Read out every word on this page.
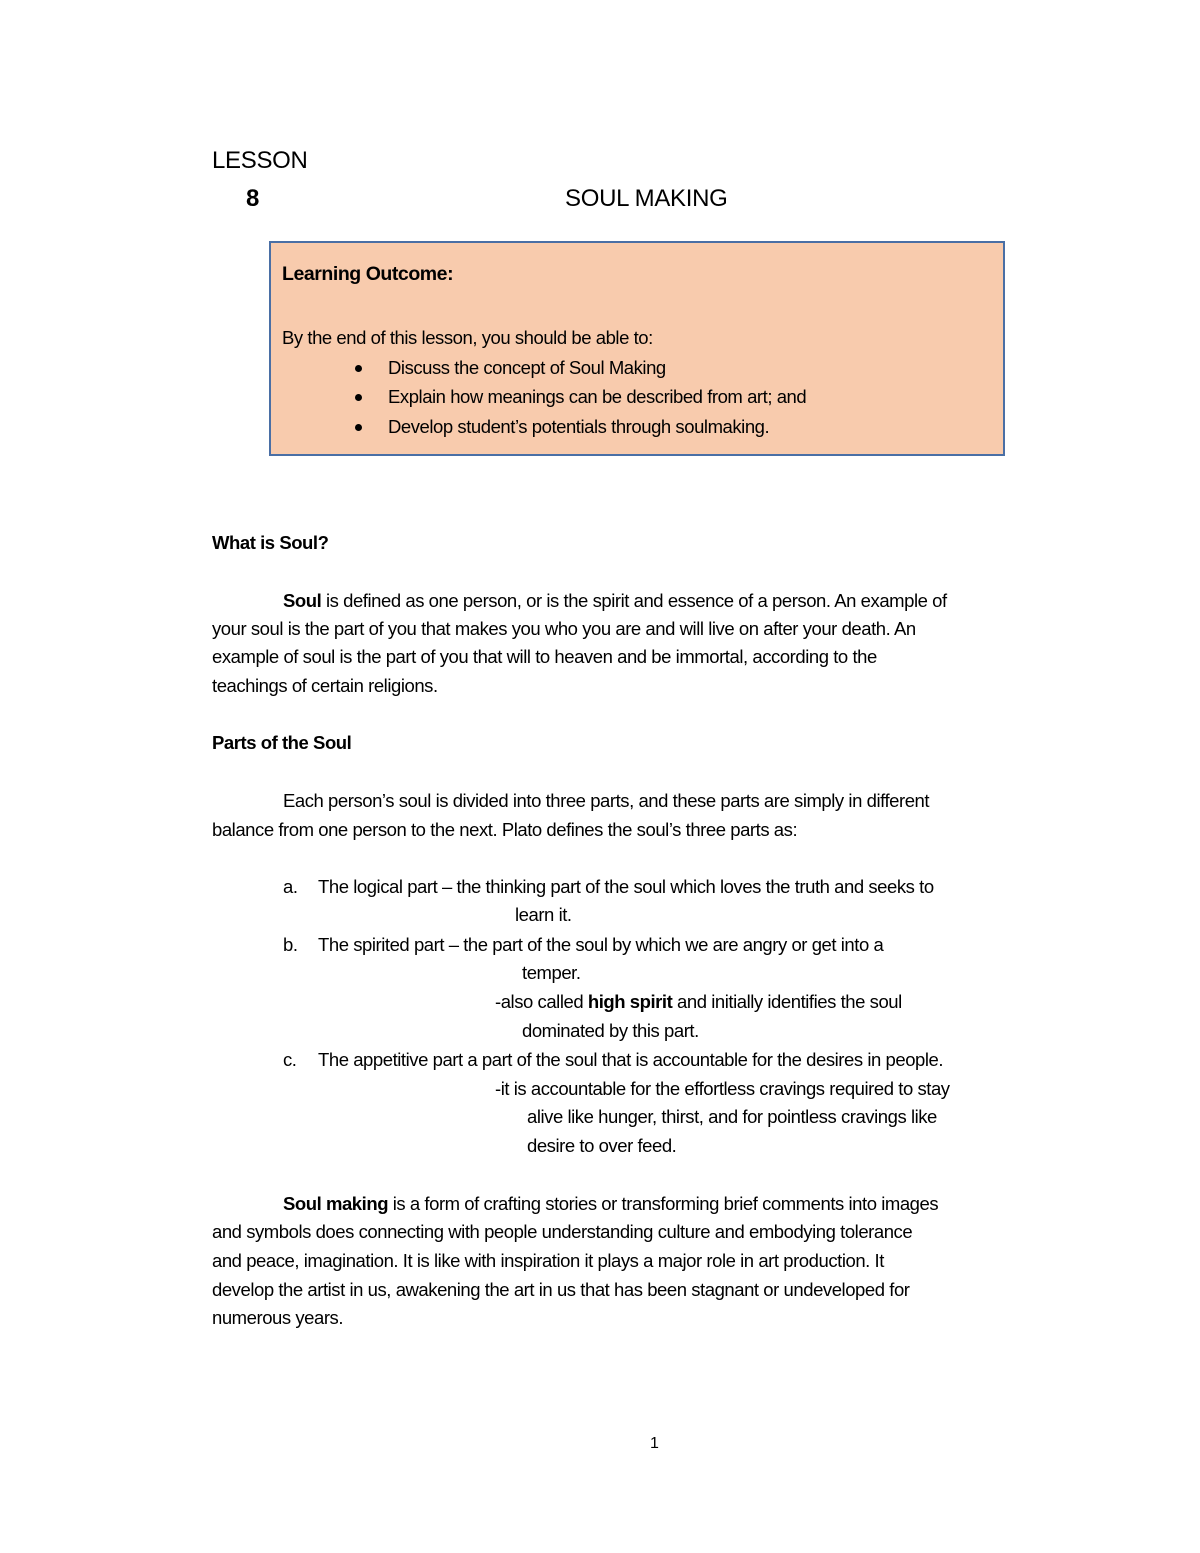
LESSON
8	SOUL MAKING
Learning Outcome:
By the end of this lesson, you should be able to:
Discuss the concept of Soul Making
Explain how meanings can be described from art; and
Develop student’s potentials through soulmaking.
What is Soul?
Soul is defined as one person, or is the spirit and essence of a person. An example of
your soul is the part of you that makes you who you are and will live on after your death. An
example of soul is the part of you that will to heaven and be immortal, according to the
teachings of certain religions.
Parts of the Soul
Each person’s soul is divided into three parts, and these parts are simply in different
balance from one person to the next. Plato defines the soul’s three parts as:
a. The logical part – the thinking part of the soul which loves the truth and seeks to
learn it.
b. The spirited part – the part of the soul by which we are angry or get into a
temper.
-also called high spirit and initially identifies the soul
dominated by this part.
c. The appetitive part a part of the soul that is accountable for the desires in people.
-it is accountable for the effortless cravings required to stay
alive like hunger, thirst, and for pointless cravings like
desire to over feed.
Soul making is a form of crafting stories or transforming brief comments into images
and symbols does connecting with people understanding culture and embodying tolerance
and peace, imagination. It is like with inspiration it plays a major role in art production. It
develop the artist in us, awakening the art in us that has been stagnant or undeveloped for
numerous years.
1
